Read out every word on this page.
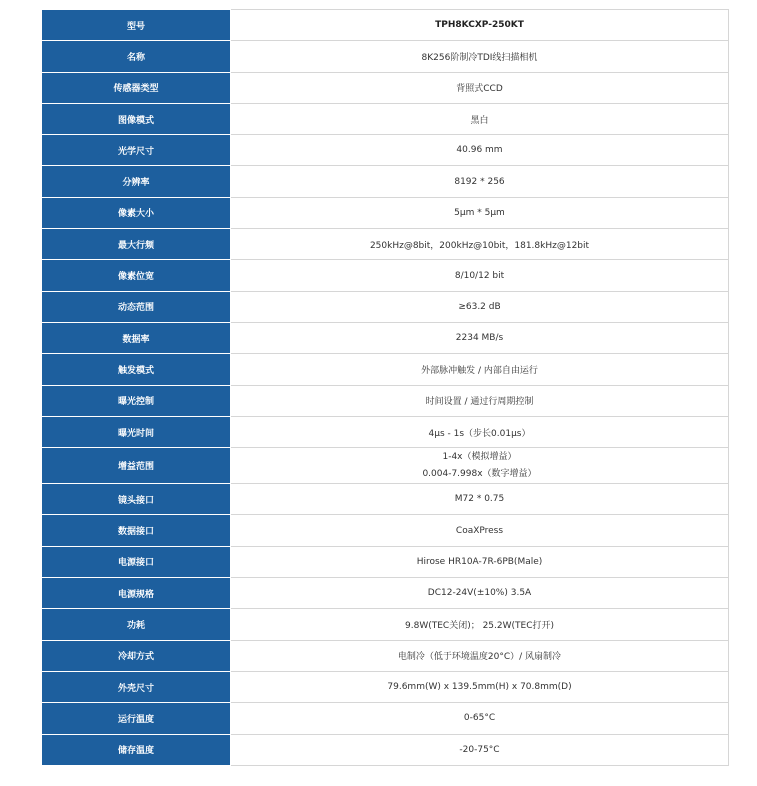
型号	TPH8KCXP-250KT
名称	8K256阶制冷TDI线扫描相机
传感器类型	背照式CCD
图像模式	黑白
光学尺寸	40.96 mm
分辨率	8192 * 256
像素大小	5μm * 5μm
最大行频	250kHz@8bit，200kHz@10bit，181.8kHz@12bit
像素位宽	8/10/12 bit
动态范围	≥63.2 dB
数据率	2234 MB/s
触发模式	外部脉冲触发 / 内部自由运行
曝光控制	时间设置 / 通过行周期控制
曝光时间	4μs - 1s（步长0.01μs）
增益范围	1-4x（模拟增益）
0.004-7.998x（数字增益）

镜头接口	M72 * 0.75
数据接口	CoaXPress
电源接口	Hirose HR10A-7R-6PB(Male)
电源规格	DC12-24V(±10%) 3.5A
功耗	9.8W(TEC关闭)； 25.2W(TEC打开)
冷却方式	电制冷（低于环境温度20°C）/ 风扇制冷
外壳尺寸	79.6mm(W) x 139.5mm(H) x 70.8mm(D)
运行温度	0-65°C
储存温度	-20-75°C
